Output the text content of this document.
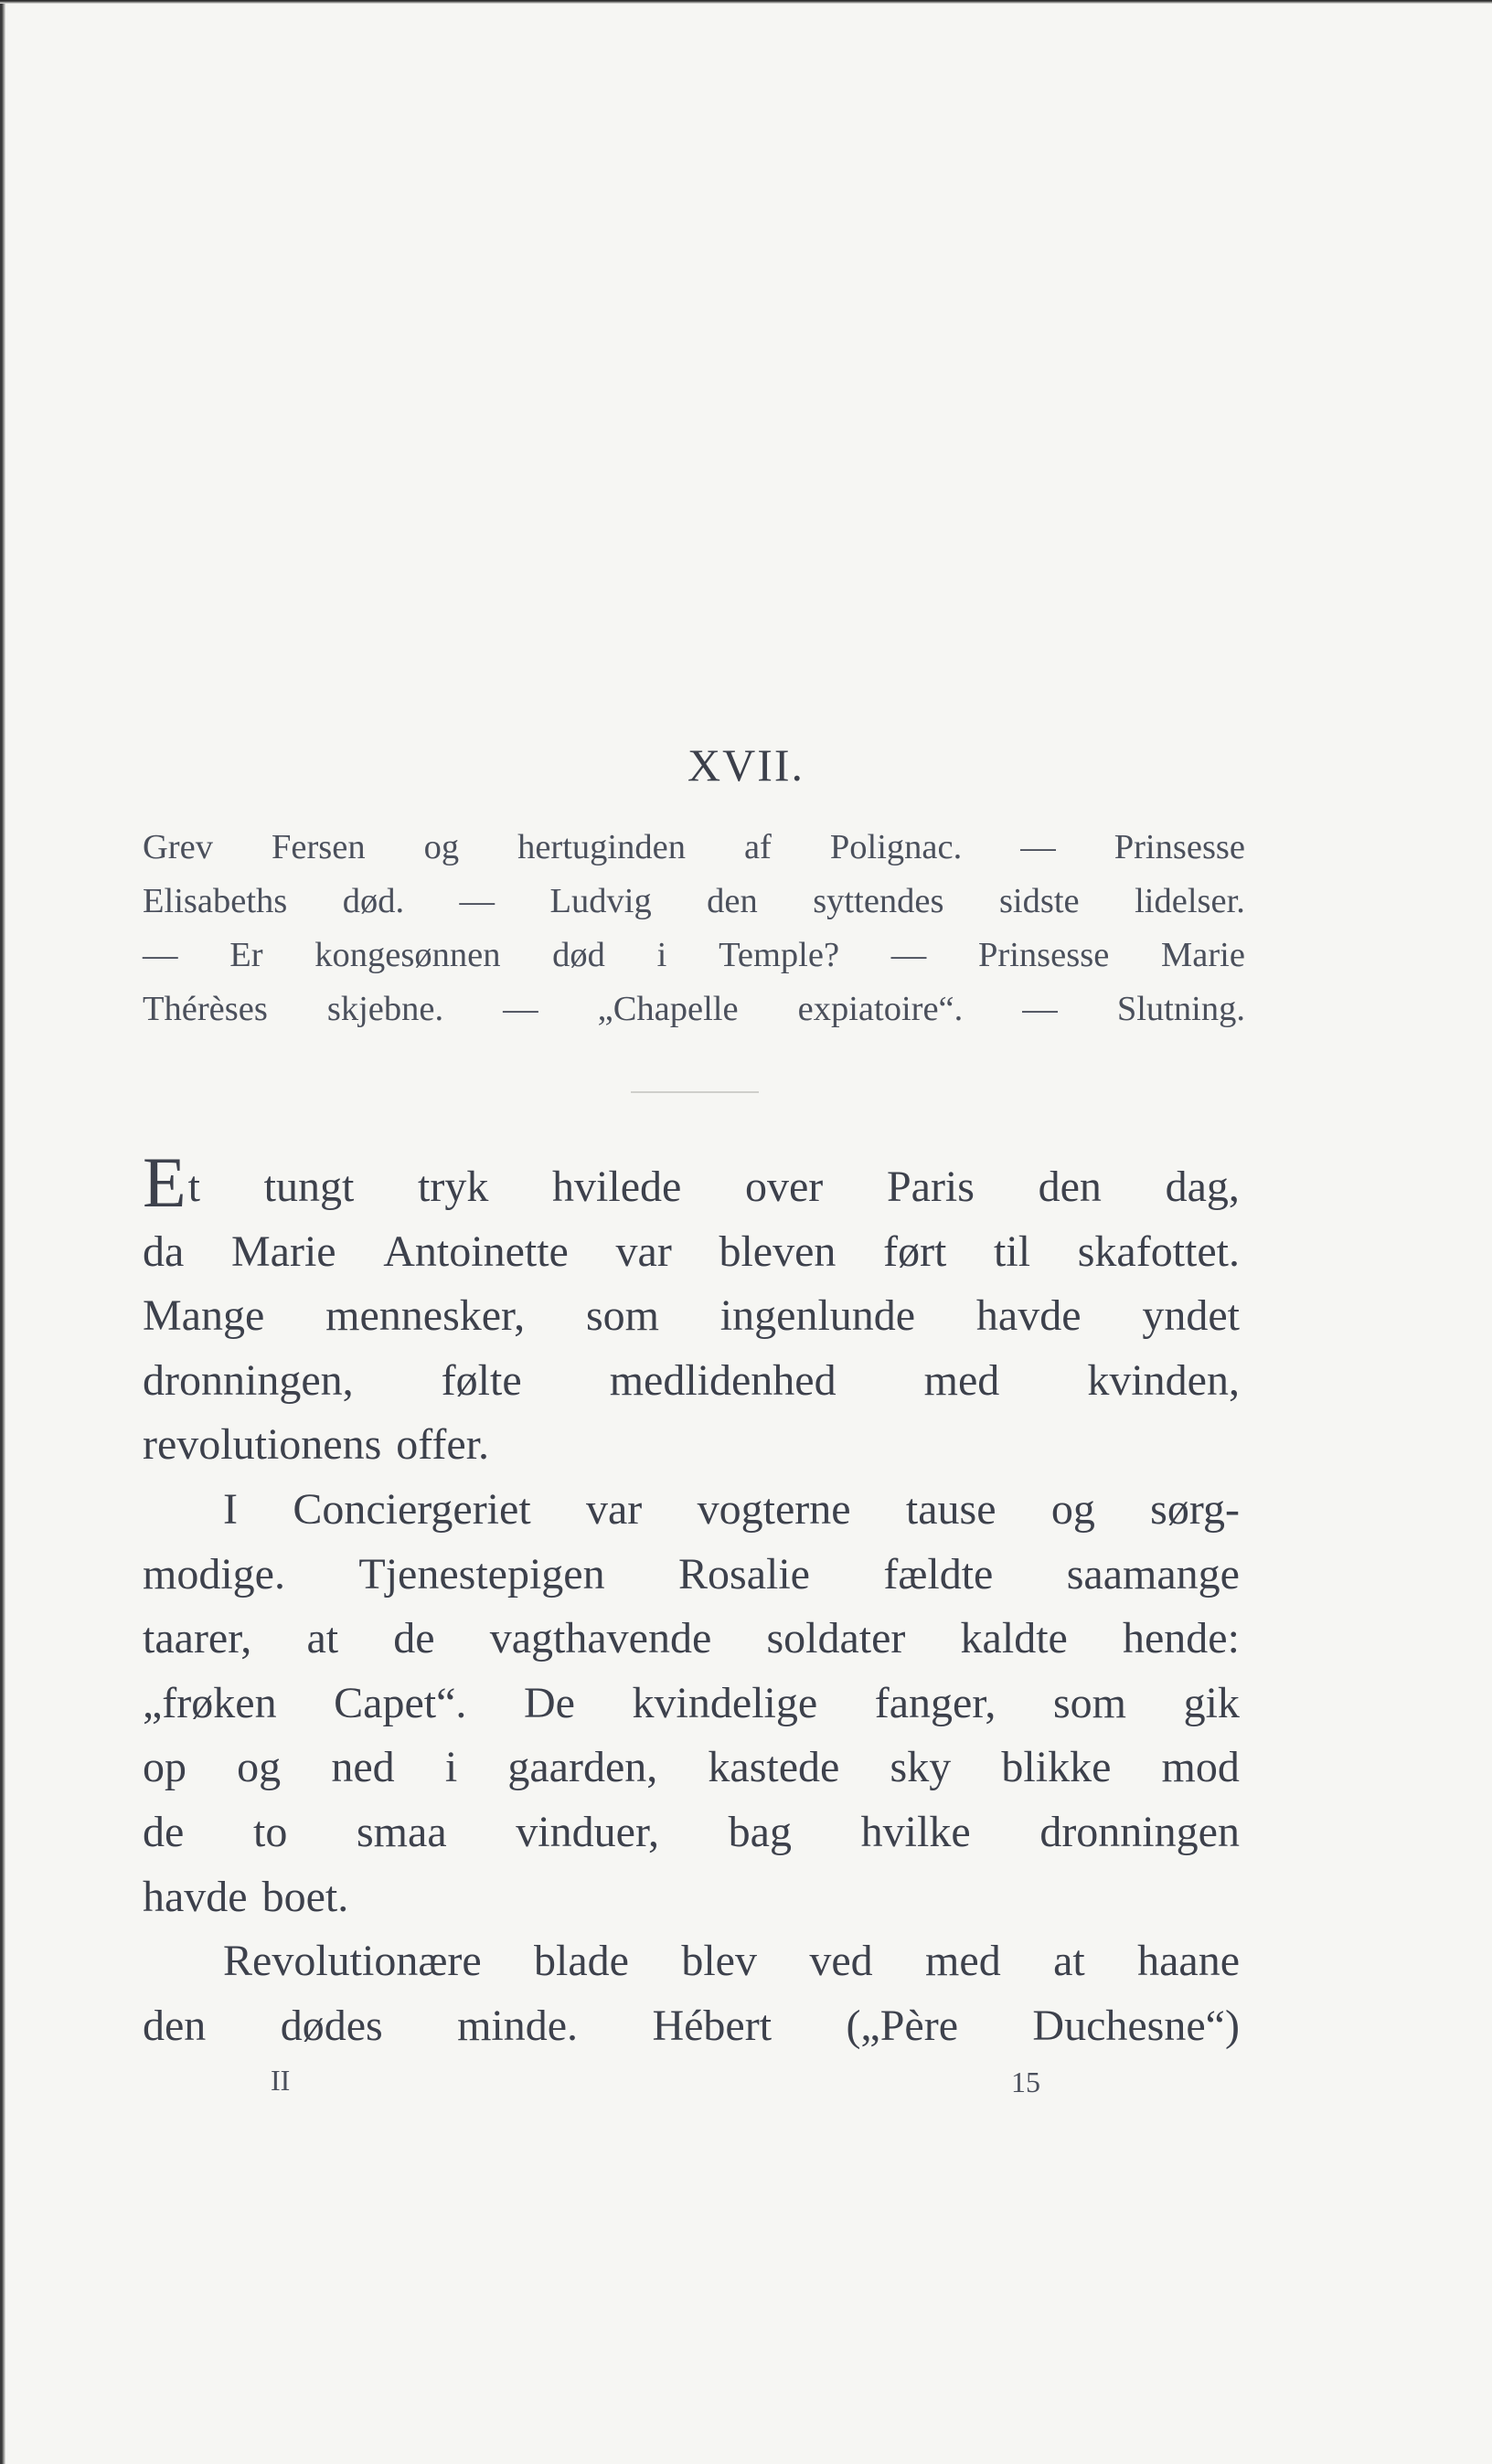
XVII.
Grev Fersen og hertuginden af Polignac. — Prinsesse
Elisabeths død. — Ludvig den syttendes sidste lidelser.
— Er kongesønnen død i Temple? — Prinsesse Marie
Thérèses skjebne. — „Chapelle expiatoire“. — Slutning.
E t tungt tryk hvilede over Paris den dag,
da Marie Antoinette var bleven ført til skafottet.
Mange mennesker, som ingenlunde havde yndet
dronningen, følte medlidenhed med kvinden,
revolutionens offer.
I Conciergeriet var vogterne tause og sørg-
modige. Tjenestepigen Rosalie fældte saamange
taarer, at de vagthavende soldater kaldte hende:
„frøken Capet“. De kvindelige fanger, som gik
op og ned i gaarden, kastede sky blikke mod
de to smaa vinduer, bag hvilke dronningen
havde boet.
Revolutionære blade blev ved med at haane
den dødes minde. Hébert („Père Duchesne“)
II	15
